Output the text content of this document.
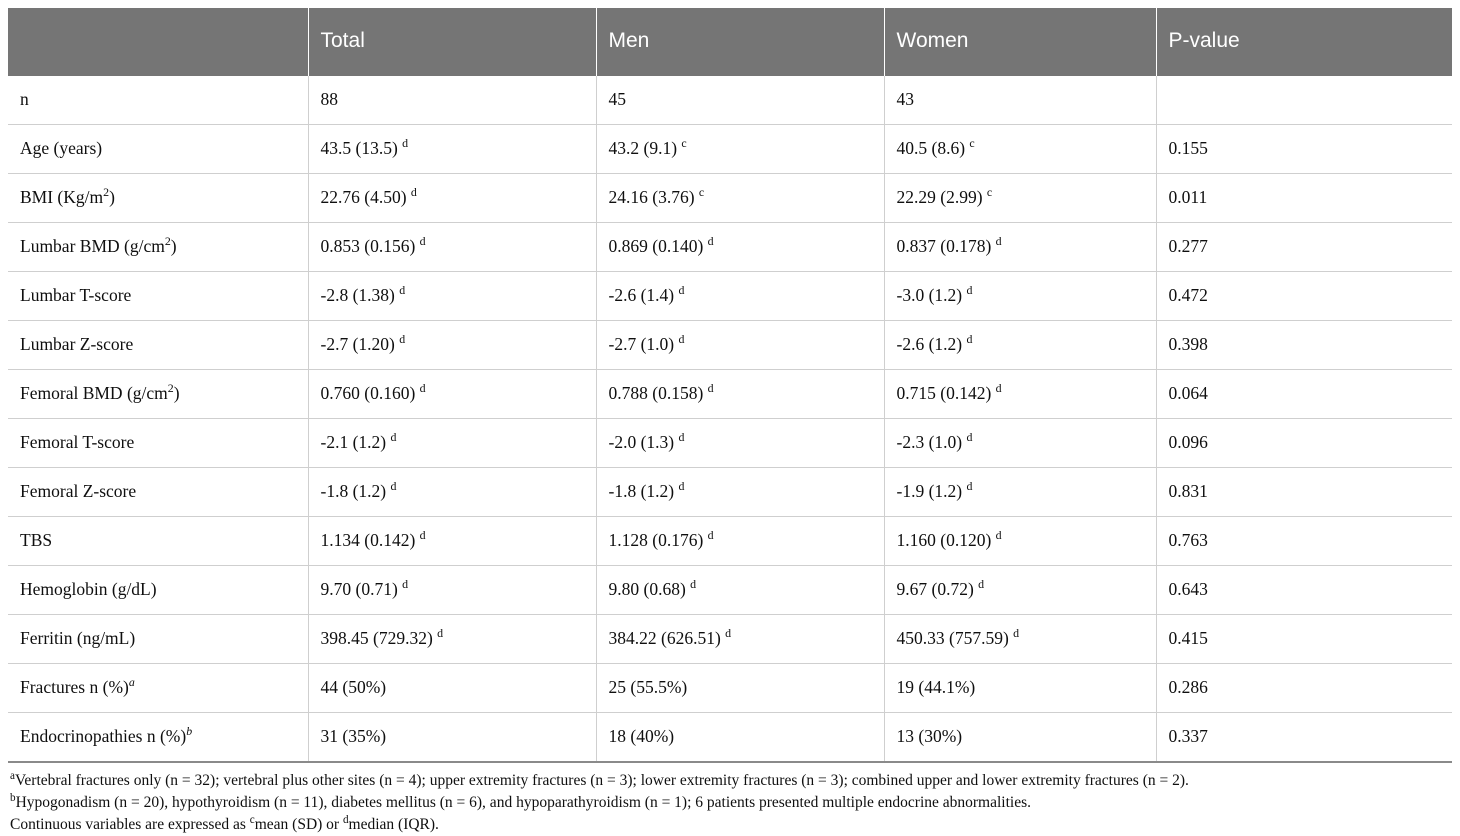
	Total	Men	Women	P-value
n	88	45	43	
Age (years)	43.5 (13.5) $^d$	43.2 (9.1) $^c$	40.5 (8.6) $^c$	0.155
BMI $(Kg/m^2)$	22.76 (4.50) $^d$	24.16 (3.76) $^c$	22.29 (2.99) $^c$	0.011
Lumbar BMD $(g/cm^2)$	0.853 (0.156) $^d$	0.869 (0.140) $^d$	0.837 (0.178) $^d$	0.277
Lumbar T-score	-2.8 (1.38) $^d$	-2.6 (1.4) $^d$	-3.0 (1.2) $^d$	0.472
Lumbar Z-score	-2.7 (1.20) $^d$	-2.7 (1.0) $^d$	-2.6 (1.2) $^d$	0.398
Femoral BMD $(g/cm^2)$	0.760 (0.160) $^d$	0.788 (0.158) $^d$	0.715 (0.142) $^d$	0.064
Femoral T-score	-2.1 (1.2) $^d$	-2.0 (1.3) $^d$	-2.3 (1.0) $^d$	0.096
Femoral Z-score	-1.8 (1.2) $^d$	-1.8 (1.2) $^d$	-1.9 (1.2) $^d$	0.831
TBS	1.134 (0.142) $^d$	1.128 (0.176) $^d$	1.160 (0.120) $^d$	0.763
Hemoglobin (g/dL)	9.70 (0.71) $^d$	9.80 (0.68) $^d$	9.67 (0.72) $^d$	0.643
Ferritin (ng/mL)	398.45 (729.32) $^d$	384.22 (626.51) $^d$	450.33 (757.59) $^d$	0.415
Fractures n (%)$^a$	44 (50%)	25 (55.5%)	19 (44.1%)	0.286
Endocrinopathies n (%)$^b$	31 (35%)	18 (40%)	13 (30%)	0.337
$^a$Vertebral fractures only (n = 32); vertebral plus other sites (n = 4); upper extremity fractures (n = 3); lower extremity fractures (n = 3); combined upper and lower extremity fractures (n = 2).
$^b$Hypogonadism (n = 20), hypothyroidism (n = 11), diabetes mellitus (n = 6), and hypoparathyroidism (n = 1); 6 patients presented multiple endocrine abnormalities.
Continuous variables are expressed as $^c$mean (SD) or $^d$median (IQR).
